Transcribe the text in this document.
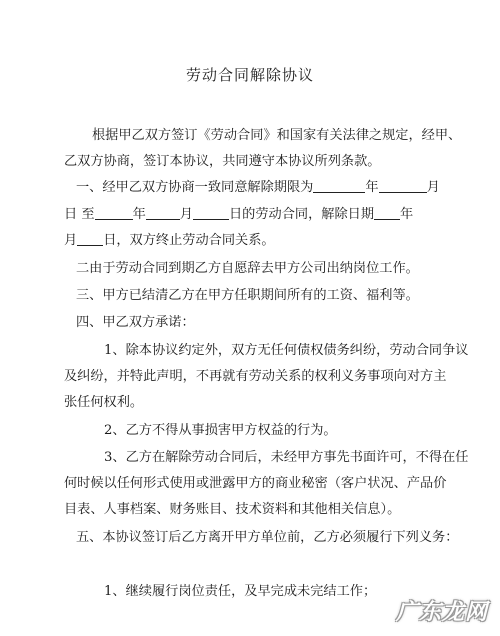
劳动合同解除协议
根据甲乙双方签订《劳动合同》和国家有关法律之规定，经甲、
乙双方协商，签订本协议，共同遵守本协议所列条款。
一、经甲乙双方协商一致同意解除期限为	年	月
日 至	年	月	日的劳动合同，解除日期 年
月 日，双方终止劳动合同关系。
二由于劳动合同到期乙方自愿辞去甲方公司出纳岗位工作。
三、甲方已结清乙方在甲方任职期间所有的工资、福利等。
四、甲乙双方承诺：
1、除本协议约定外，双方无任何债权债务纠纷，劳动合同争议
及纠纷，并特此声明，不再就有劳动关系的权利义务事项向对方主
张任何权利。
2、乙方不得从事损害甲方权益的行为。
3、乙方在解除劳动合同后，未经甲方事先书面许可，不得在任
何时候以任何形式使用或泄露甲方的商业秘密（客户状况、产品价
目表、人事档案、财务账目、技术资料和其他相关信息）。
五、本协议签订后乙方离开甲方单位前，乙方必须履行下列义务：
1、继续履行岗位责任，及早完成未完结工作；
广东龙网
